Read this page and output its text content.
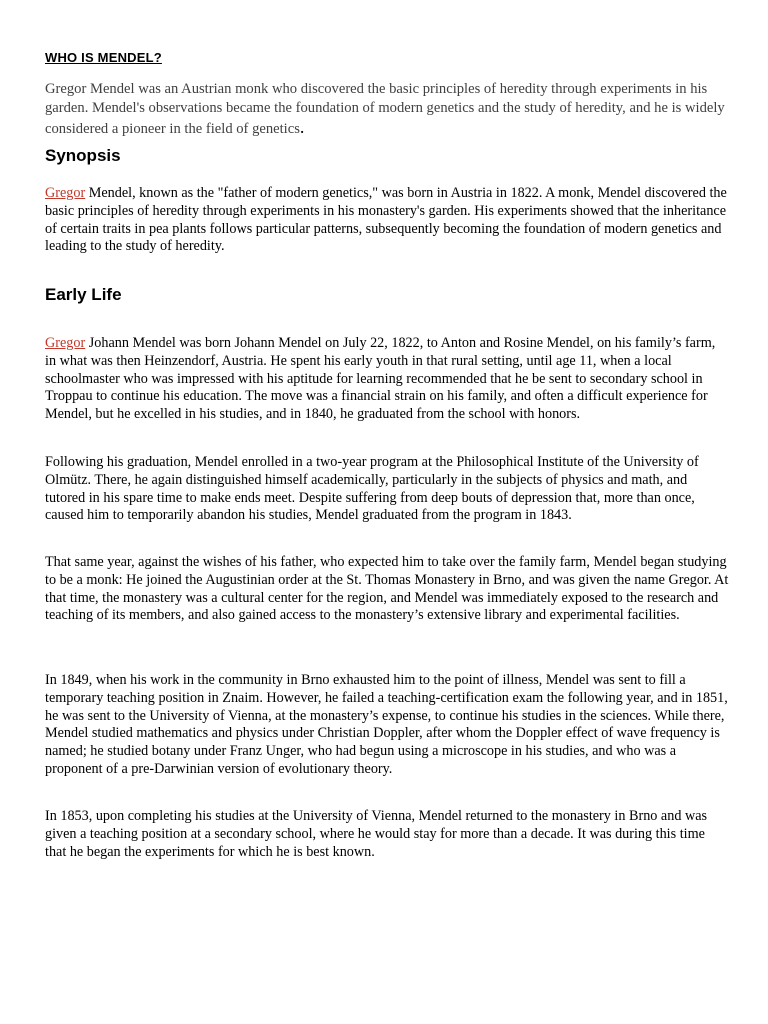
WHO IS MENDEL?
Gregor Mendel was an Austrian monk who discovered the basic principles of heredity through experiments in his garden. Mendel's observations became the foundation of modern genetics and the study of heredity, and he is widely considered a pioneer in the field of genetics.
Synopsis
Gregor Mendel, known as the "father of modern genetics," was born in Austria in 1822. A monk, Mendel discovered the basic principles of heredity through experiments in his monastery's garden. His experiments showed that the inheritance of certain traits in pea plants follows particular patterns, subsequently becoming the foundation of modern genetics and leading to the study of heredity.
Early Life
Gregor Johann Mendel was born Johann Mendel on July 22, 1822, to Anton and Rosine Mendel, on his family’s farm, in what was then Heinzendorf, Austria. He spent his early youth in that rural setting, until age 11, when a local schoolmaster who was impressed with his aptitude for learning recommended that he be sent to secondary school in Troppau to continue his education. The move was a financial strain on his family, and often a difficult experience for Mendel, but he excelled in his studies, and in 1840, he graduated from the school with honors.
Following his graduation, Mendel enrolled in a two-year program at the Philosophical Institute of the University of Olmütz. There, he again distinguished himself academically, particularly in the subjects of physics and math, and tutored in his spare time to make ends meet. Despite suffering from deep bouts of depression that, more than once, caused him to temporarily abandon his studies, Mendel graduated from the program in 1843.
That same year, against the wishes of his father, who expected him to take over the family farm, Mendel began studying to be a monk: He joined the Augustinian order at the St. Thomas Monastery in Brno, and was given the name Gregor. At that time, the monastery was a cultural center for the region, and Mendel was immediately exposed to the research and teaching of its members, and also gained access to the monastery’s extensive library and experimental facilities.
In 1849, when his work in the community in Brno exhausted him to the point of illness, Mendel was sent to fill a temporary teaching position in Znaim. However, he failed a teaching-certification exam the following year, and in 1851, he was sent to the University of Vienna, at the monastery’s expense, to continue his studies in the sciences. While there, Mendel studied mathematics and physics under Christian Doppler, after whom the Doppler effect of wave frequency is named; he studied botany under Franz Unger, who had begun using a microscope in his studies, and who was a proponent of a pre-Darwinian version of evolutionary theory.
In 1853, upon completing his studies at the University of Vienna, Mendel returned to the monastery in Brno and was given a teaching position at a secondary school, where he would stay for more than a decade. It was during this time that he began the experiments for which he is best known.
